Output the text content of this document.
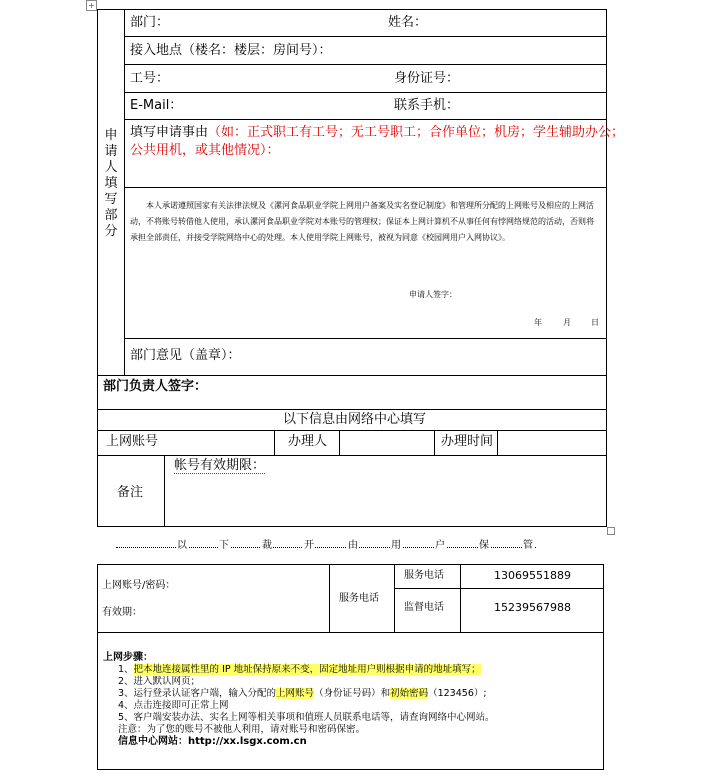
+
申请人填写部分
部门：	姓名：
接入地点（楼名：楼层：房间号）：
工号：	身份证号：
E-Mail：	联系手机：
填写申请事由（如：正式职工有工号；无工号职工；合作单位；机房；学生辅助办公；
公共用机，或其他情况）：
本人承诺遵照国家有关法律法规及《漯河食品职业学院上网用户备案及实名登记制度》和管理所分配的上网账号及相应的上网活动，不将账号转借他人使用，承认漯河食品职业学院对本账号的管理权；保证本上网计算机不从事任何有悖网络规范的活动，否则将承担全部责任，并接受学院网络中心的处理。本人使用学院上网账号，被视为同意《校园网用户入网协议》。
申请人签字：
年	月	日
部门意见（盖章）：
部门负责人签字：
以下信息由网络中心填写
上网账号	办理人	办理时间
备注
帐号有效期限：
以	下	裁	开	由	用	户	保	管
上网账号/密码：
有效期：
服务电话
服务电话	13069551889
监督电话	15239567988
上网步骤：
1、把本地连接属性里的 IP 地址保持原来不变，固定地址用户则根据申请的地址填写；
2、进入默认网页；
3、运行登录认证客户端，输入分配的上网账号（身份证号码）和初始密码（123456）;
4、点击连接即可正常上网
5、客户端安装办法、实名上网等相关事项和值班人员联系电话等，请查询网络中心网站。
注意：为了您的账号不被他人利用，请对账号和密码保密。
信息中心网站：http://xx.lsgx.com.cn
